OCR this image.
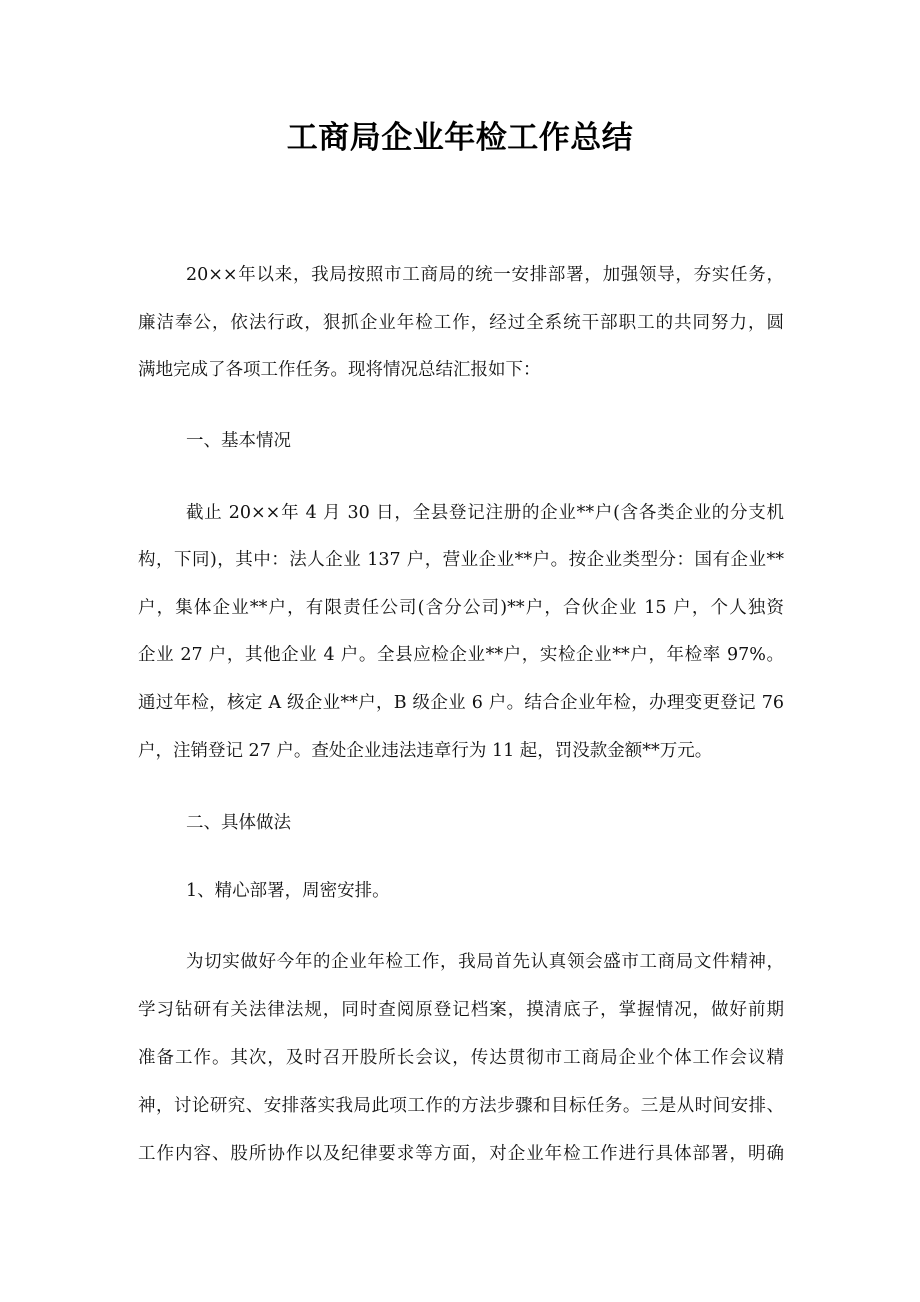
工商局企业年检工作总结
20××年以来，我局按照市工商局的统一安排部署，加强领导，夯实任务，
廉洁奉公，依法行政，狠抓企业年检工作，经过全系统干部职工的共同努力，圆
满地完成了各项工作任务。现将情况总结汇报如下：
一、基本情况
截止 20××年 4 月 30 日，全县登记注册的企业**户(含各类企业的分支机
构，下同)，其中：法人企业 137 户，营业企业**户。按企业类型分：国有企业**
户，集体企业**户，有限责任公司(含分公司)**户，合伙企业 15 户，个人独资
企业 27 户，其他企业 4 户。全县应检企业**户，实检企业**户，年检率 97%。
通过年检，核定 A 级企业**户，B 级企业 6 户。结合企业年检，办理变更登记 76
户，注销登记 27 户。查处企业违法违章行为 11 起，罚没款金额**万元。
二、具体做法
1、精心部署，周密安排。
为切实做好今年的企业年检工作，我局首先认真领会盛市工商局文件精神，
学习钻研有关法律法规，同时查阅原登记档案，摸清底子，掌握情况，做好前期
准备工作。其次，及时召开股所长会议，传达贯彻市工商局企业个体工作会议精
神，讨论研究、安排落实我局此项工作的方法步骤和目标任务。三是从时间安排、
工作内容、股所协作以及纪律要求等方面，对企业年检工作进行具体部署，明确
